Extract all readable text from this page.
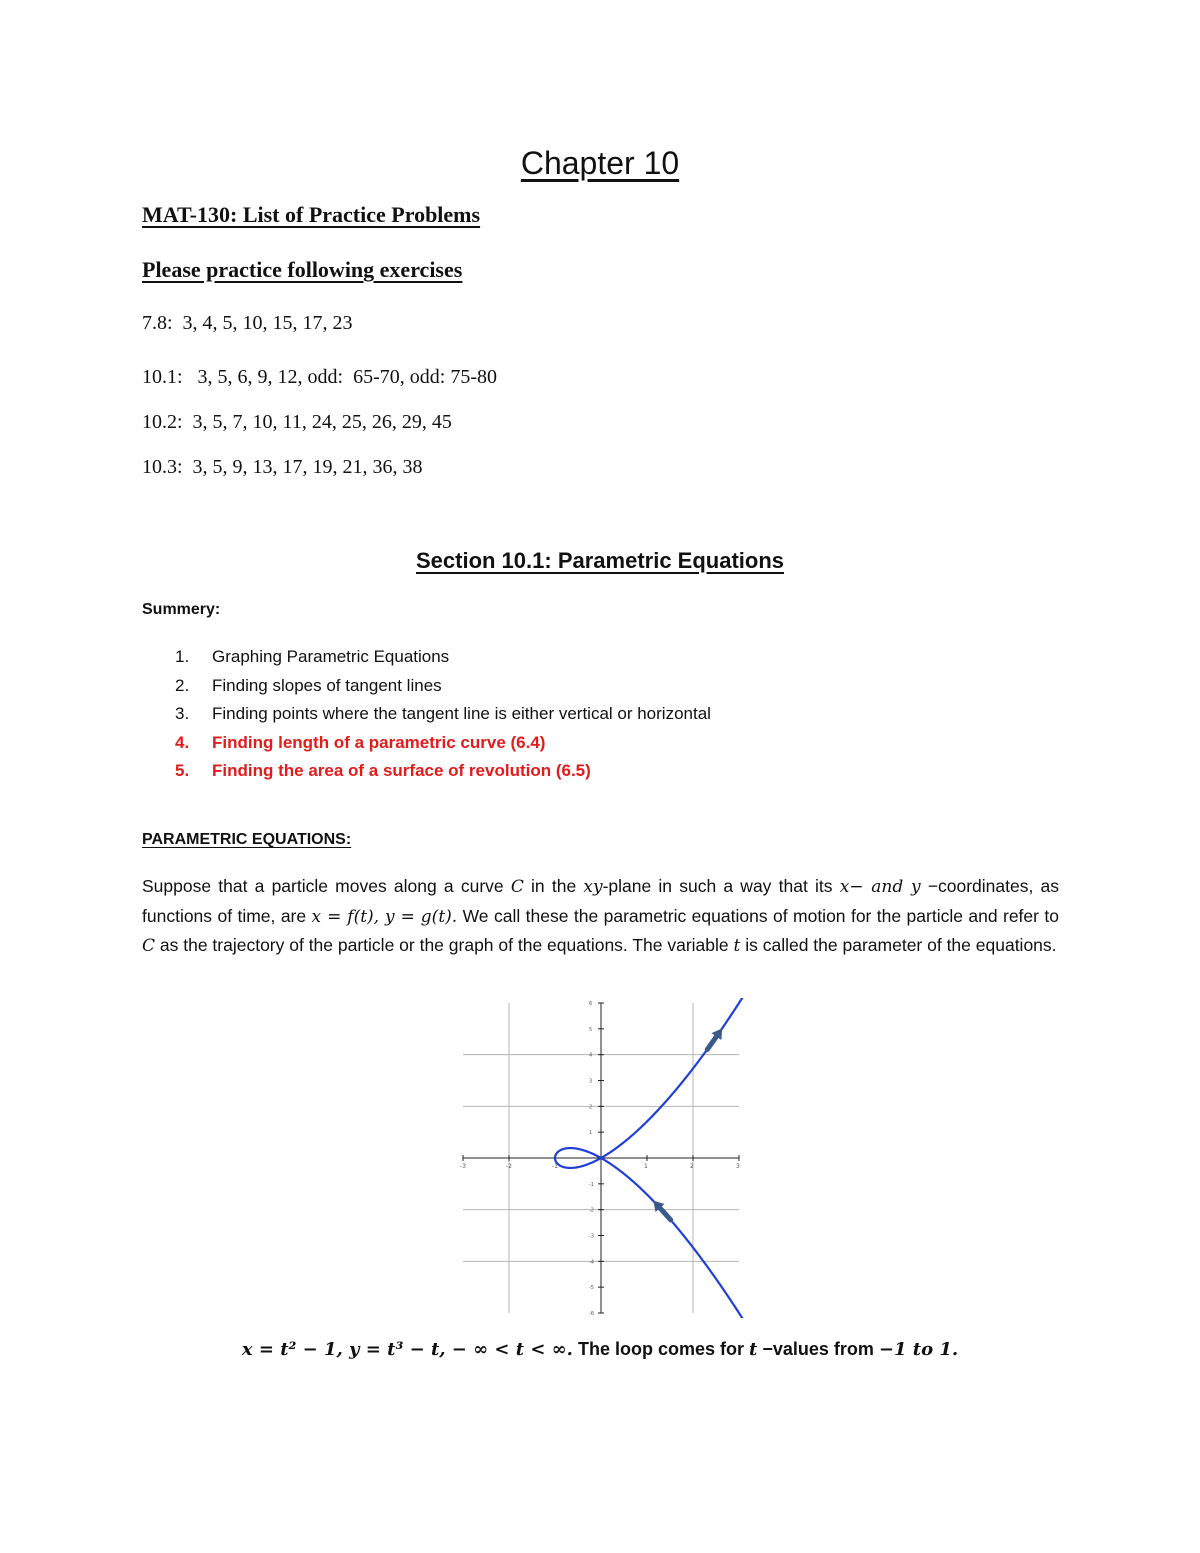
Chapter 10
MAT-130: List of Practice Problems
Please practice following exercises
7.8:  3, 4, 5, 10, 15, 17, 23
10.1:   3, 5, 6, 9, 12, odd:  65-70, odd: 75-80
10.2:  3, 5, 7, 10, 11, 24, 25, 26, 29, 45
10.3:  3, 5, 9, 13, 17, 19, 21, 36, 38
Section 10.1: Parametric Equations
Summery:
1. Graphing Parametric Equations
2. Finding slopes of tangent lines
3. Finding points where the tangent line is either vertical or horizontal
4. Finding length of a parametric curve (6.4)
5. Finding the area of a surface of revolution (6.5)
PARAMETRIC EQUATIONS:

Suppose that a particle moves along a curve C in the xy-plane in such a way that its x− and y −coordinates, as functions of time, are x = f(t), y = g(t). We call these the parametric equations of motion for the particle and refer to C as the trajectory of the particle or the graph of the equations. The variable t is called the parameter of the equations.

-3	-2	-1	1	2	3
6
5
4
3
2
1
-1
-2
-3
-4
-5
-6
x = t² − 1, y = t³ − t, − ∞ < t < ∞. The loop comes for t −values from −1 to 1.
